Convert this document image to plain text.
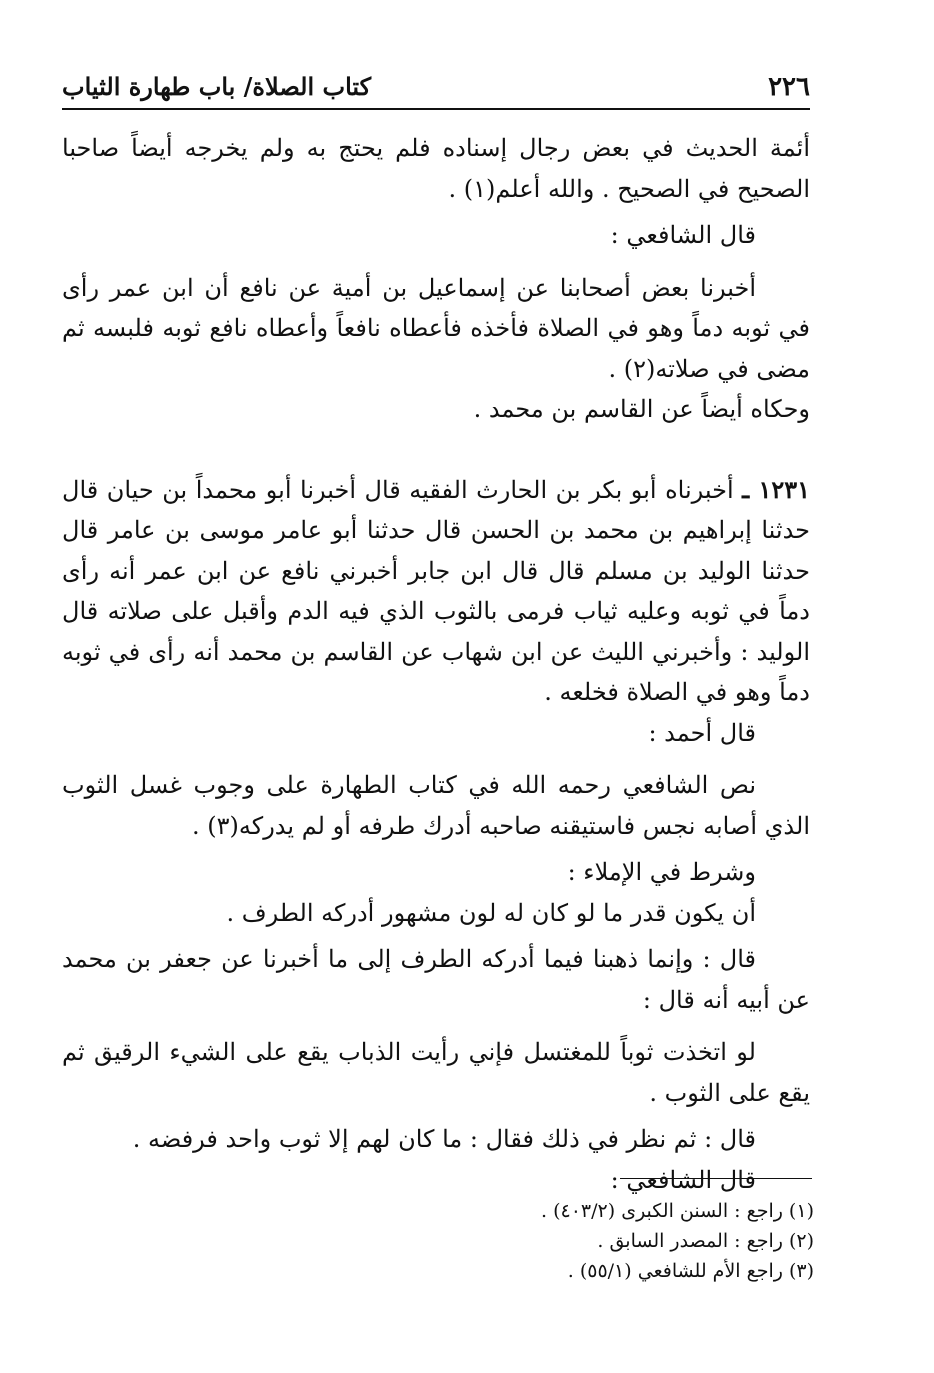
٢٢٦
كتاب الصلاة/ باب طهارة الثياب

أئمة الحديث في بعض رجال إسناده فلم يحتج به ولم يخرجه أيضاً صاحبا الصحيح في الصحيح . والله أعلم(١) .

قال الشافعي :

أخبرنا بعض أصحابنا عن إسماعيل بن أمية عن نافع أن ابن عمر رأى في ثوبه دماً وهو في الصلاة فأخذه فأعطاه نافعاً وأعطاه نافع ثوبه فلبسه ثم مضى في صلاته(٢) .

وحكاه أيضاً عن القاسم بن محمد .

١٢٣١ ـ أخبرناه أبو بكر بن الحارث الفقيه قال أخبرنا أبو محمداً بن حيان قال حدثنا إبراهيم بن محمد بن الحسن قال حدثنا أبو عامر موسى بن عامر قال حدثنا الوليد بن مسلم قال قال ابن جابر أخبرني نافع عن ابن عمر أنه رأى دماً في ثوبه وعليه ثياب فرمى بالثوب الذي فيه الدم وأقبل على صلاته قال الوليد : وأخبرني الليث عن ابن شهاب عن القاسم بن محمد أنه رأى في ثوبه دماً وهو في الصلاة فخلعه .

قال أحمد :

نص الشافعي رحمه الله في كتاب الطهارة على وجوب غسل الثوب الذي أصابه نجس فاستيقنه صاحبه أدرك طرفه أو لم يدركه(٣) .

وشرط في الإملاء :

أن يكون قدر ما لو كان له لون مشهور أدركه الطرف .

قال : وإنما ذهبنا فيما أدركه الطرف إلى ما أخبرنا عن جعفر بن محمد عن أبيه أنه قال :

لو اتخذت ثوباً للمغتسل فإني رأيت الذباب يقع على الشيء الرقيق ثم يقع على الثوب .

قال : ثم نظر في ذلك فقال : ما كان لهم إلا ثوب واحد فرفضه .

قال الشافعي :

(١) راجع : السنن الكبرى (٤٠٣/٢) .

(٢) راجع : المصدر السابق .

(٣) راجع الأم للشافعي (٥٥/١) .
